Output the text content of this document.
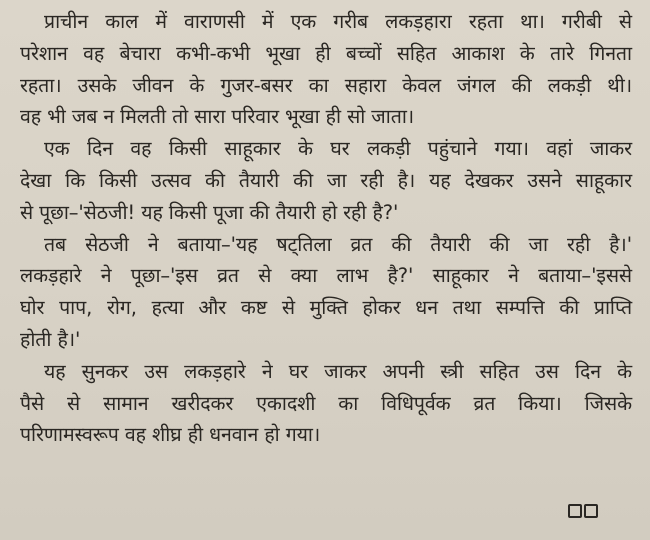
प्राचीन काल में वाराणसी में एक गरीब लकड़हारा रहता था। गरीबी से
परेशान वह बेचारा कभी-कभी भूखा ही बच्चों सहित आकाश के तारे गिनता
रहता। उसके जीवन के गुजर-बसर का सहारा केवल जंगल की लकड़ी थी।
वह भी जब न मिलती तो सारा परिवार भूखा ही सो जाता।
एक दिन वह किसी साहूकार के घर लकड़ी पहुंचाने गया। वहां जाकर
देखा कि किसी उत्सव की तैयारी की जा रही है। यह देखकर उसने साहूकार
से पूछा–'सेठजी! यह किसी पूजा की तैयारी हो रही है?'
तब सेठजी ने बताया–'यह षट्तिला व्रत की तैयारी की जा रही है।'
लकड़हारे ने पूछा–'इस व्रत से क्या लाभ है?' साहूकार ने बताया–'इससे
घोर पाप, रोग, हत्या और कष्ट से मुक्ति होकर धन तथा सम्पत्ति की प्राप्ति
होती है।'
यह सुनकर उस लकड़हारे ने घर जाकर अपनी स्त्री सहित उस दिन के
पैसे से सामान खरीदकर एकादशी का विधिपूर्वक व्रत किया। जिसके
परिणामस्वरूप वह शीघ्र ही धनवान हो गया।
